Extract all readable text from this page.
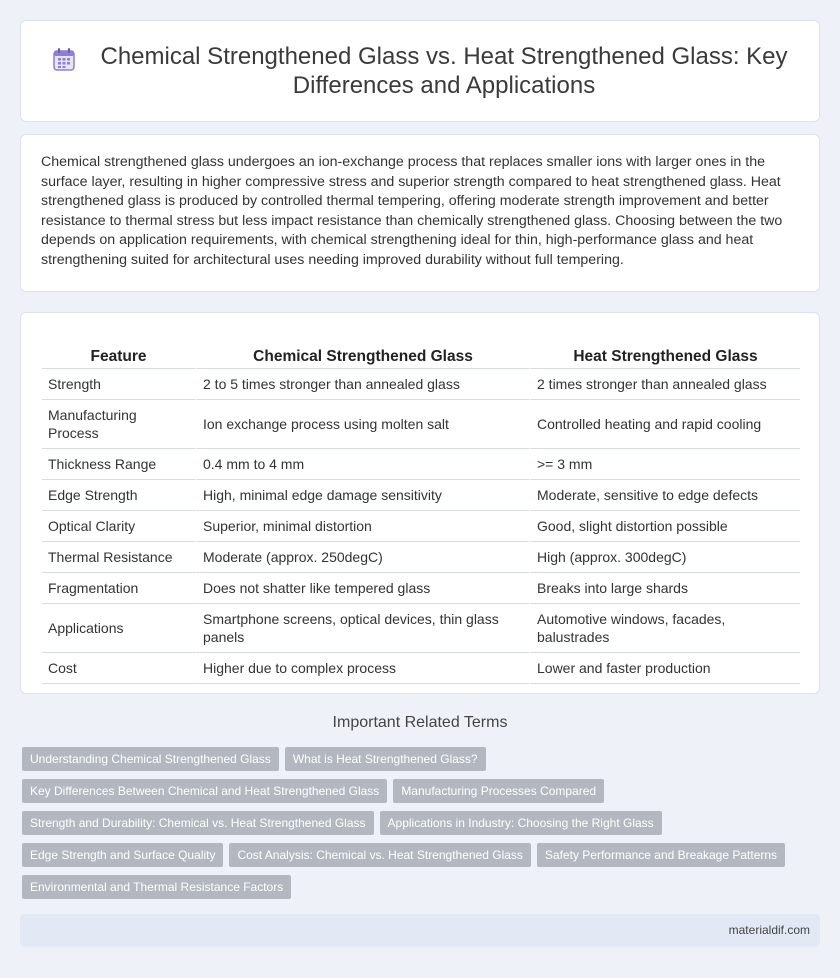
Chemical Strengthened Glass vs. Heat Strengthened Glass: Key Differences and Applications

Chemical strengthened glass undergoes an ion-exchange process that replaces smaller ions with larger ones in the surface layer, resulting in higher compressive stress and superior strength compared to heat strengthened glass. Heat strengthened glass is produced by controlled thermal tempering, offering moderate strength improvement and better resistance to thermal stress but less impact resistance than chemically strengthened glass. Choosing between the two depends on application requirements, with chemical strengthening ideal for thin, high-performance glass and heat strengthening suited for architectural uses needing improved durability without full tempering.

Feature	Chemical Strengthened Glass	Heat Strengthened Glass
Strength	2 to 5 times stronger than annealed glass	2 times stronger than annealed glass
Manufacturing Process	Ion exchange process using molten salt	Controlled heating and rapid cooling
Thickness Range	0.4 mm to 4 mm	>= 3 mm
Edge Strength	High, minimal edge damage sensitivity	Moderate, sensitive to edge defects
Optical Clarity	Superior, minimal distortion	Good, slight distortion possible
Thermal Resistance	Moderate (approx. 250degC)	High (approx. 300degC)
Fragmentation	Does not shatter like tempered glass	Breaks into large shards
Applications	Smartphone screens, optical devices, thin glass panels	Automotive windows, facades, balustrades
Cost	Higher due to complex process	Lower and faster production
Important Related Terms
Understanding Chemical Strengthened Glass	What is Heat Strengthened Glass?
Key Differences Between Chemical and Heat Strengthened Glass	Manufacturing Processes Compared
Strength and Durability: Chemical vs. Heat Strengthened Glass	Applications in Industry: Choosing the Right Glass
Edge Strength and Surface Quality	Cost Analysis: Chemical vs. Heat Strengthened Glass	Safety Performance and Breakage Patterns
Environmental and Thermal Resistance Factors
materialdif.com
